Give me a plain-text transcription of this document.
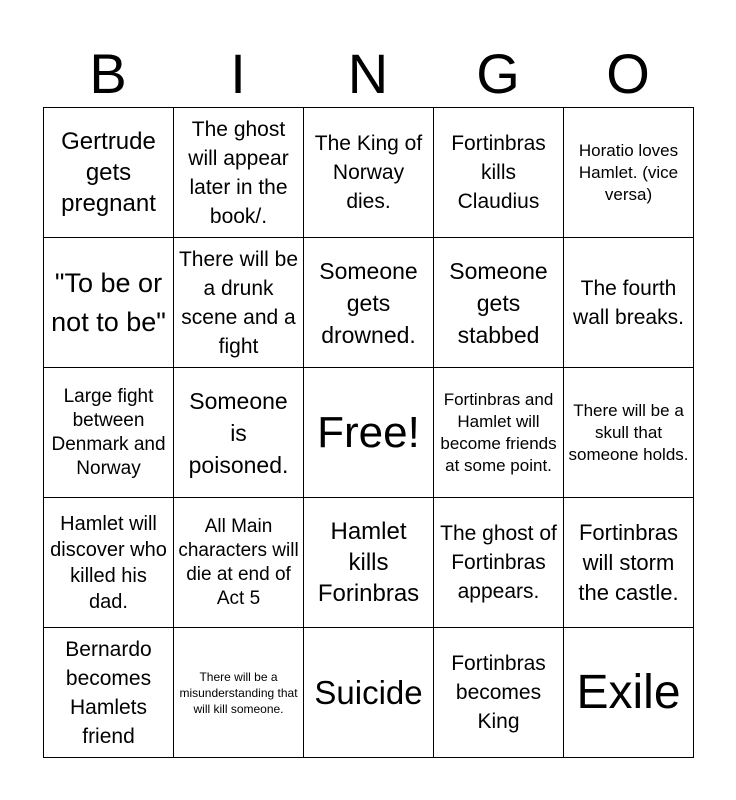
B	I	N	G	O
Gertrude gets pregnant	The ghost will appear later in the book/.	The King of Norway dies.	Fortinbras kills Claudius	Horatio loves Hamlet. (vice versa)
"To be or not to be"	There will be a drunk scene and a fight	Someone gets drowned.	Someone gets stabbed	The fourth wall breaks.
Large fight between Denmark and Norway	Someone is poisoned.	Free!	Fortinbras and Hamlet will become friends at some point.	There will be a skull that someone holds.
Hamlet will discover who killed his dad.	All Main characters will die at end of Act 5	Hamlet kills Forinbras	The ghost of Fortinbras appears.	Fortinbras will storm the castle.
Bernardo becomes Hamlets friend	There will be a misunderstanding that will kill someone.	Suicide	Fortinbras becomes King	Exile
